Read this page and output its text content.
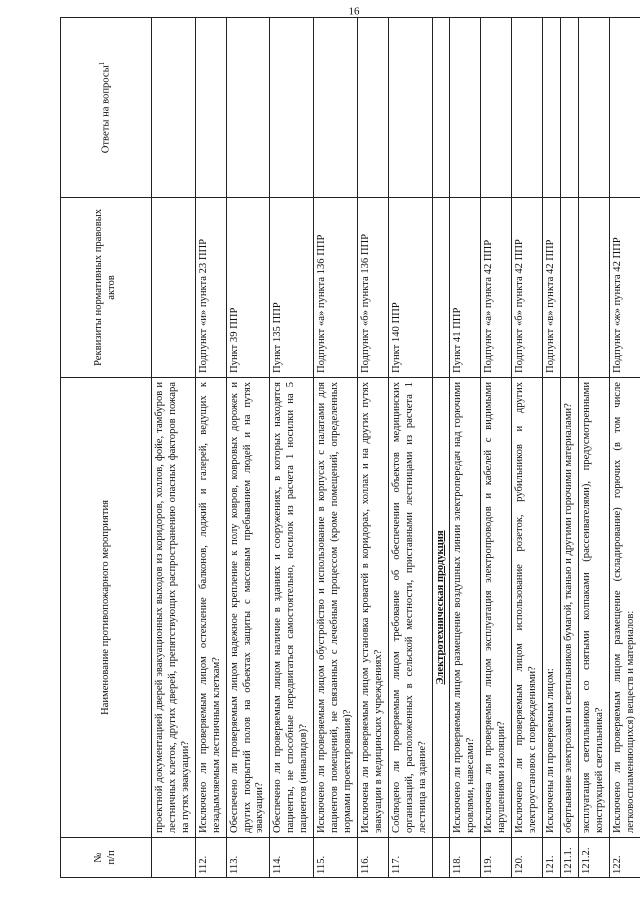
16
№
п/п	Наименование противопожарного мероприятия	Реквизиты нормативных правовых актов	Ответы на вопросы$^1$
	проектной документацией дверей эвакуационных выходов из коридоров, холлов, фойе, тамбуров и лестничных клеток, других дверей, препятствующих распространению опасных факторов пожара на путях эвакуации?		
112.	Исключено ли проверяемым лицом остекление балконов, лоджий и галерей, ведущих к незадымляемым лестничным клеткам?	Подпункт «и» пункта 23 ППР	
113.	Обеспечено ли проверяемым лицом надежное крепление к полу ковров, ковровых дорожек и других покрытий полов на объектах защиты с массовым пребыванием людей и на путях эвакуации?	Пункт 39 ППР	
114.	Обеспечено ли проверяемым лицом наличие в зданиях и сооружениях, в которых находятся пациенты, не способные передвигаться самостоятельно, носилок из расчета 1 носилки на 5 пациентов (инвалидов)?	Пункт 135 ППР	
115.	Исключено ли проверяемым лицом обустройство и использование в корпусах с палатами для пациентов помещений, не связанных с лечебным процессом (кроме помещений, определенных нормами проектирования)?	Подпункт «а» пункта 136 ППР	
116.	Исключена ли проверяемым лицом установка кроватей в коридорах, холлах и на других путях эвакуации в медицинских учреждениях?	Подпункт «б» пункта 136 ППР	
117.	Соблюдено ли проверяемым лицом требование об обеспечении объектов медицинских организаций, расположенных в сельской местности, приставными лестницами из расчета 1 лестница на здание?	Пункт 140 ППР	
	Электротехническая продукция		
118.	Исключено ли проверяемым лицом размещение воздушных линии электропередач над горючими кровлями, навесами?	Пункт 41 ППР	
119.	Исключена ли проверяемым лицом эксплуатация электропроводов и кабелей с видимыми нарушениями изоляции?	Подпункт «а» пункта 42 ППР	
120.	Исключено ли проверяемым лицом использование розеток, рубильников и других электроустановок с повреждениями?	Подпункт «б» пункта 42 ППР	
121.	Исключены ли проверяемым лицом:	Подпункт «в» пункта 42 ППР	
121.1.	обертывание электроламп и светильников бумагой, тканью и другими горючими материалами?		
121.2.	эксплуатация светильников со снятыми колпаками (рассеивателями), предусмотренными конструкцией светильника?		
122.	Исключено ли проверяемым лицом размещение (складирование) горючих (в том числе легковоспламеняющихся) веществ и материалов:	Подпункт «ж» пункта 42 ППР	
